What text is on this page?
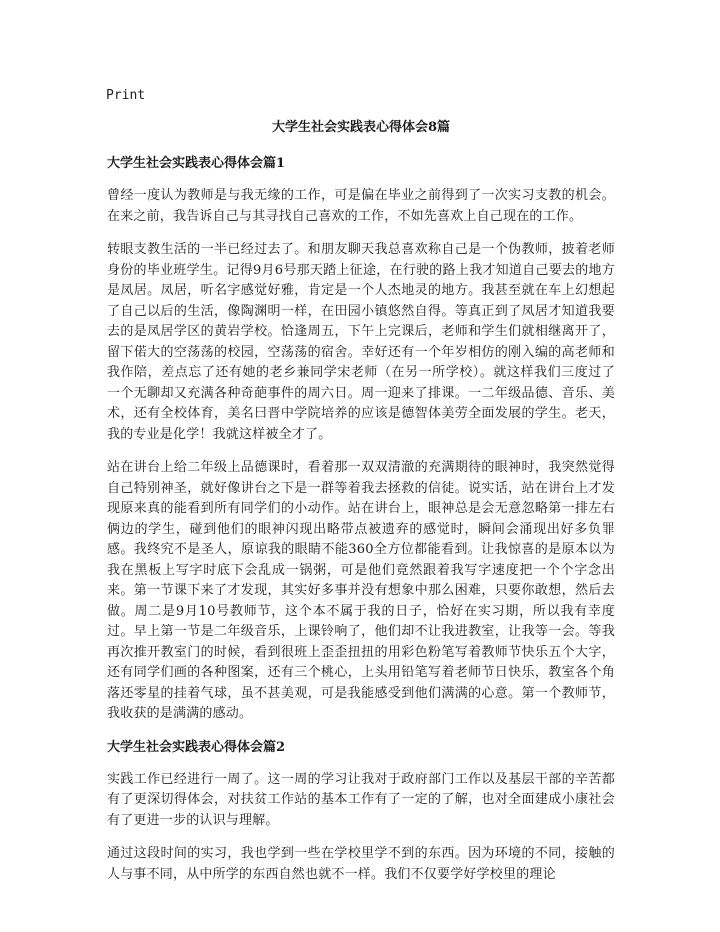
Print
大学生社会实践表心得体会8篇
大学生社会实践表心得体会篇1

曾经一度认为教师是与我无缘的工作，可是偏在毕业之前得到了一次实习支教的机会。在来之前，我告诉自己与其寻找自己喜欢的工作，不如先喜欢上自己现在的工作。

转眼支教生活的一半已经过去了。和朋友聊天我总喜欢称自己是一个伪教师，披着老师身份的毕业班学生。记得9月6号那天踏上征途，在行驶的路上我才知道自己要去的地方是凤居。凤居，听名字感觉好雅，肯定是一个人杰地灵的地方。我甚至就在车上幻想起了自己以后的生活，像陶渊明一样，在田园小镇悠然自得。等真正到了凤居才知道我要去的是凤居学区的黄岩学校。恰逢周五，下午上完课后，老师和学生们就相继离开了，留下偌大的空荡荡的校园，空荡荡的宿舍。幸好还有一个年岁相仿的刚入编的高老师和我作陪，差点忘了还有她的老乡兼同学宋老师（在另一所学校）。就这样我们三度过了一个无聊却又充满各种奇葩事件的周六日。周一迎来了排课。一二年级品德、音乐、美术，还有全校体育，美名曰晋中学院培养的应该是德智体美劳全面发展的学生。老天，我的专业是化学！我就这样被全才了。

站在讲台上给二年级上品德课时，看着那一双双清澈的充满期待的眼神时，我突然觉得自己特别神圣，就好像讲台之下是一群等着我去拯救的信徒。说实话，站在讲台上才发现原来真的能看到所有同学们的小动作。站在讲台上，眼神总是会无意忽略第一排左右俩边的学生，碰到他们的眼神闪现出略带点被遗弃的感觉时，瞬间会涌现出好多负罪感。我终究不是圣人，原谅我的眼睛不能360全方位都能看到。让我惊喜的是原本以为我在黑板上写字时底下会乱成一锅粥，可是他们竟然跟着我写字速度把一个个字念出来。第一节课下来了才发现，其实好多事并没有想象中那么困难，只要你敢想，然后去做。周二是9月10号教师节，这个本不属于我的日子，恰好在实习期，所以我有幸度过。早上第一节是二年级音乐，上课铃响了，他们却不让我进教室，让我等一会。等我再次推开教室门的时候，看到很班上歪歪扭扭的用彩色粉笔写着教师节快乐五个大字，还有同学们画的各种图案，还有三个桃心，上头用铅笔写着老师节日快乐，教室各个角落还零星的挂着气球，虽不甚美观，可是我能感受到他们满满的心意。第一个教师节，我收获的是满满的感动。

大学生社会实践表心得体会篇2

实践工作已经进行一周了。这一周的学习让我对于政府部门工作以及基层干部的辛苦都有了更深切得体会，对扶贫工作站的基本工作有了一定的了解，也对全面建成小康社会有了更进一步的认识与理解。

通过这段时间的实习，我也学到一些在学校里学不到的东西。因为环境的不同，接触的人与事不同，从中所学的东西自然也就不一样。我们不仅要学好学校里的理论
